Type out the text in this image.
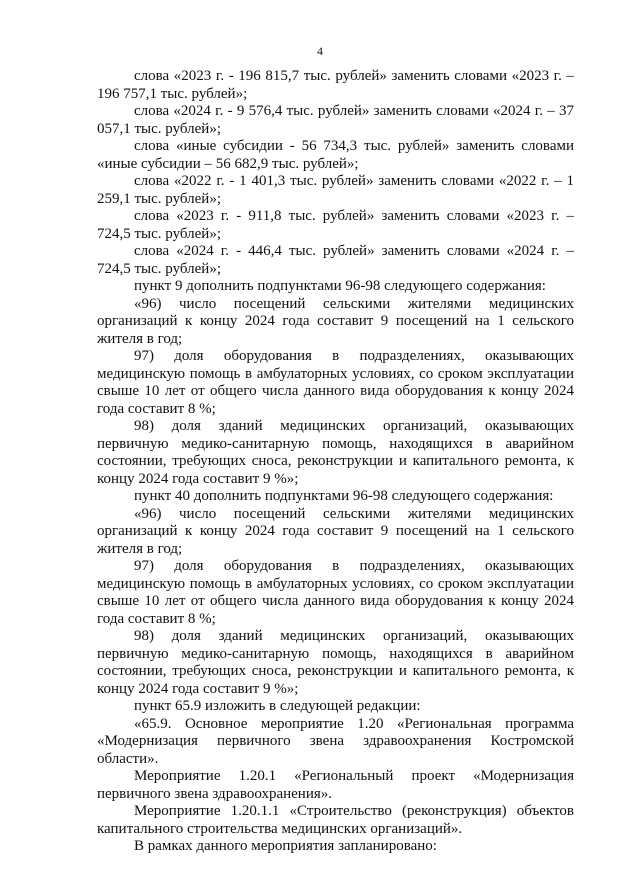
4

слова «2023 г. - 196 815,7 тыс. рублей» заменить словами «2023 г. – 196 757,1 тыс. рублей»;

слова «2024 г. - 9 576,4 тыс. рублей» заменить словами «2024 г. – 37 057,1 тыс. рублей»;

слова «иные субсидии - 56 734,3 тыс. рублей» заменить словами «иные субсидии – 56 682,9 тыс. рублей»;

слова «2022 г. - 1 401,3 тыс. рублей» заменить словами «2022 г. – 1 259,1 тыс. рублей»;

слова «2023 г. - 911,8 тыс. рублей» заменить словами «2023 г. – 724,5 тыс. рублей»;

слова «2024 г. - 446,4 тыс. рублей» заменить словами «2024 г. – 724,5 тыс. рублей»;

пункт 9 дополнить подпунктами 96-98 следующего содержания:

«96) число посещений сельскими жителями медицинских организаций к концу 2024 года составит 9 посещений на 1 сельского жителя в год;

97) доля оборудования в подразделениях, оказывающих медицинскую помощь в амбулаторных условиях, со сроком эксплуатации свыше 10 лет от общего числа данного вида оборудования к концу 2024 года составит 8 %;

98) доля зданий медицинских организаций, оказывающих первичную медико-санитарную помощь, находящихся в аварийном состоянии, требующих сноса, реконструкции и капитального ремонта, к концу 2024 года составит 9 %»;

пункт 40 дополнить подпунктами 96-98 следующего содержания:

«96) число посещений сельскими жителями медицинских организаций к концу 2024 года составит 9 посещений на 1 сельского жителя в год;

97) доля оборудования в подразделениях, оказывающих медицинскую помощь в амбулаторных условиях, со сроком эксплуатации свыше 10 лет от общего числа данного вида оборудования к концу 2024 года составит 8 %;

98) доля зданий медицинских организаций, оказывающих первичную медико-санитарную помощь, находящихся в аварийном состоянии, требующих сноса, реконструкции и капитального ремонта, к концу 2024 года составит 9 %»;

пункт 65.9 изложить в следующей редакции:

«65.9. Основное мероприятие 1.20 «Региональная программа «Модернизация первичного звена здравоохранения Костромской области».

Мероприятие 1.20.1 «Региональный проект «Модернизация первичного звена здравоохранения».

Мероприятие 1.20.1.1 «Строительство (реконструкция) объектов капитального строительства медицинских организаций».

В рамках данного мероприятия запланировано:
